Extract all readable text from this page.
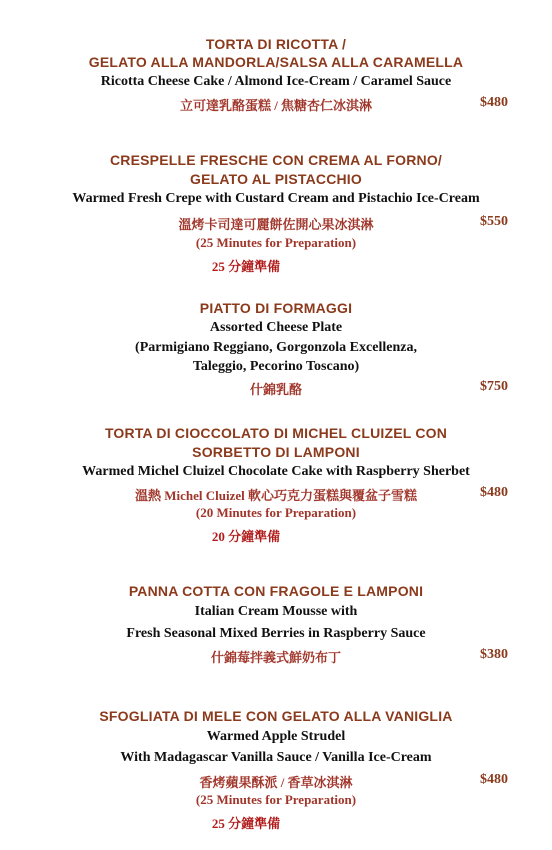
TORTA DI RICOTTA /
GELATO ALLA MANDORLA/SALSA ALLA CARAMELLA
Ricotta Cheese Cake / Almond Ice-Cream / Caramel Sauce
立可達乳酪蛋糕 / 焦糖杏仁冰淇淋	$480
CRESPELLE FRESCHE CON CREMA AL FORNO/
GELATO AL PISTACCHIO
Warmed Fresh Crepe with Custard Cream and Pistachio Ice-Cream
溫烤卡司達可麗餅佐開心果冰淇淋	$550
(25 Minutes for Preparation)
25 分鐘準備
PIATTO DI FORMAGGI
Assorted Cheese Plate
(Parmigiano Reggiano, Gorgonzola Excellenza,
Taleggio, Pecorino Toscano)
什錦乳酪	$750
TORTA DI CIOCCOLATO DI MICHEL CLUIZEL CON
SORBETTO DI LAMPONI
Warmed Michel Cluizel Chocolate Cake with Raspberry Sherbet
溫熱 Michel Cluizel 軟心巧克力蛋糕與覆盆子雪糕	$480
(20 Minutes for Preparation)
20 分鐘準備
PANNA COTTA CON FRAGOLE E LAMPONI
Italian Cream Mousse with
Fresh Seasonal Mixed Berries in Raspberry Sauce
什錦莓拌義式鮮奶布丁	$380
SFOGLIATA DI MELE CON GELATO ALLA VANIGLIA
Warmed Apple Strudel
With Madagascar Vanilla Sauce / Vanilla Ice-Cream
香烤蘋果酥派 / 香草冰淇淋	$480
(25 Minutes for Preparation)
25 分鐘準備
